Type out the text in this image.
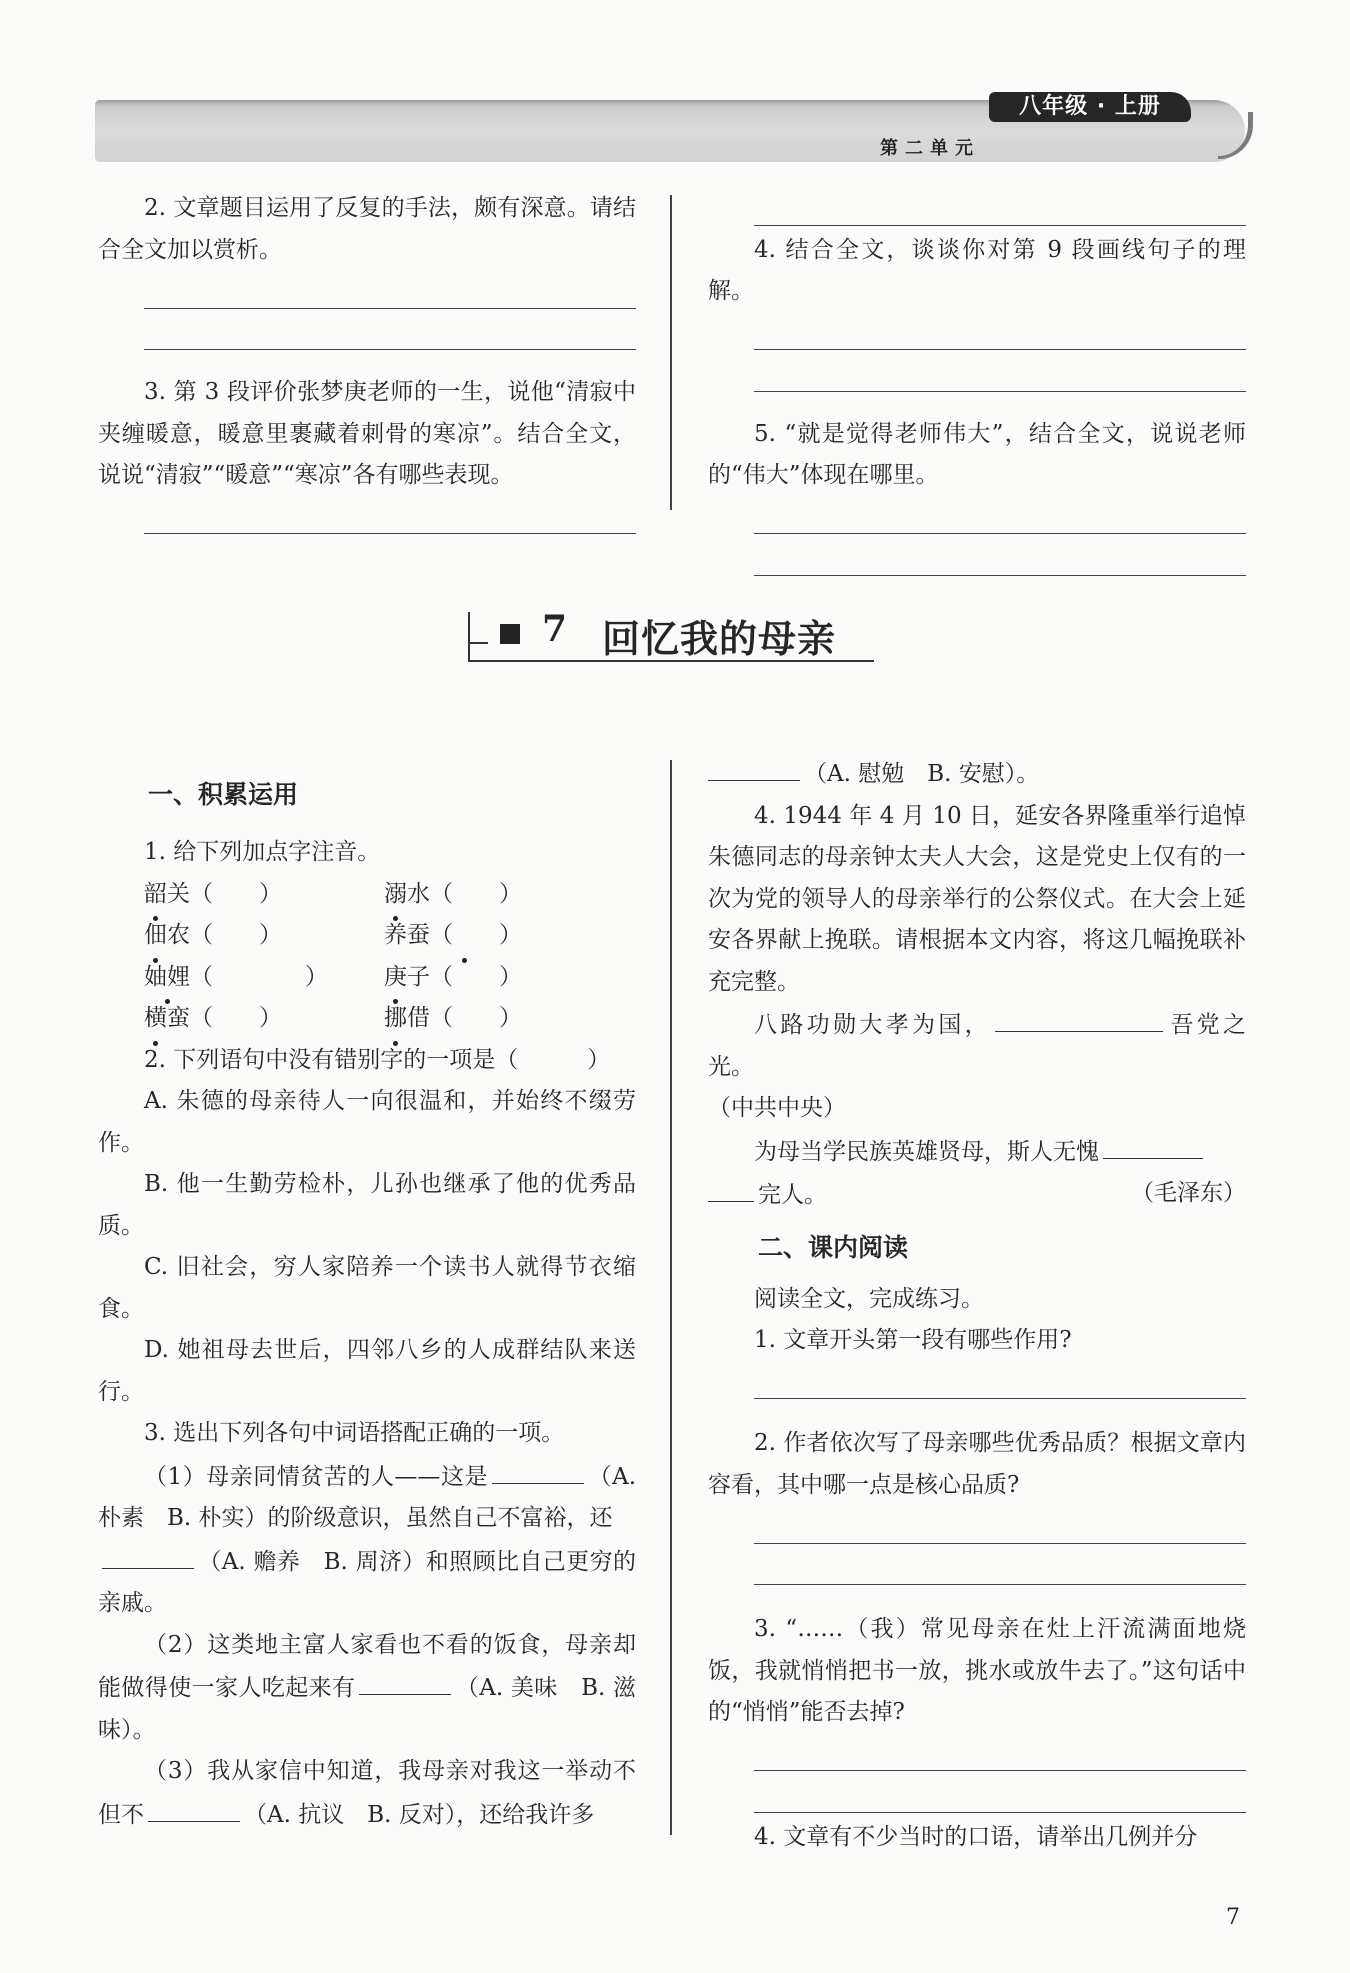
八年级 · 上册
第二单元

2. 文章题目运用了反复的手法，颇有深意。请结合全文加以赏析。

3. 第 3 段评价张梦庚老师的一生，说他“清寂中夹缠暖意，暖意里裹藏着刺骨的寒凉”。结合全文，说说“清寂”“暖意”“寒凉”各有哪些表现。

4. 结合全文，谈谈你对第 9 段画线句子的理解。

5. “就是觉得老师伟大”，结合全文，说说老师的“伟大”体现在哪里。

7 回忆我的母亲

一、积累运用

1. 给下列加点字注音。

韶关（　　）	溺水（　　）
佃农（　　）	养蚕（　　）
妯娌（　　　　）	庚子（　　）
横蛮（　　）	挪借（　　）

2. 下列语句中没有错别字的一项是（　　　）

A. 朱德的母亲待人一向很温和，并始终不缀劳作。

B. 他一生勤劳检朴，儿孙也继承了他的优秀品质。

C. 旧社会，穷人家陪养一个读书人就得节衣缩食。

D. 她祖母去世后，四邻八乡的人成群结队来送行。

3. 选出下列各句中词语搭配正确的一项。

（1）母亲同情贫苦的人——这是	（A. 朴素　B. 朴实）的阶级意识，虽然自己不富裕，还

（A. 赡养　B. 周济）和照顾比自己更穷的亲戚。

（2）这类地主富人家看也不看的饭食，母亲却能做得使一家人吃起来有	（A. 美味　B. 滋味）。

（3）我从家信中知道，我母亲对我这一举动不但不	（A. 抗议　B. 反对），还给我许多

（A. 慰勉　B. 安慰）。

4. 1944 年 4 月 10 日，延安各界隆重举行追悼朱德同志的母亲钟太夫人大会，这是党史上仅有的一次为党的领导人的母亲举行的公祭仪式。在大会上延安各界献上挽联。请根据本文内容，将这几幅挽联补充完整。

八路功勋大孝为国，	吾党之光。

（中共中央）

为母当学民族英雄贤母，斯人无愧

完人。	（毛泽东）

二、课内阅读

阅读全文，完成练习。

1. 文章开头第一段有哪些作用?

2. 作者依次写了母亲哪些优秀品质？根据文章内容看，其中哪一点是核心品质?

3. “……（我）常见母亲在灶上汗流满面地烧饭，我就悄悄把书一放，挑水或放牛去了。”这句话中的“悄悄”能否去掉?

4. 文章有不少当时的口语，请举出几例并分

7
